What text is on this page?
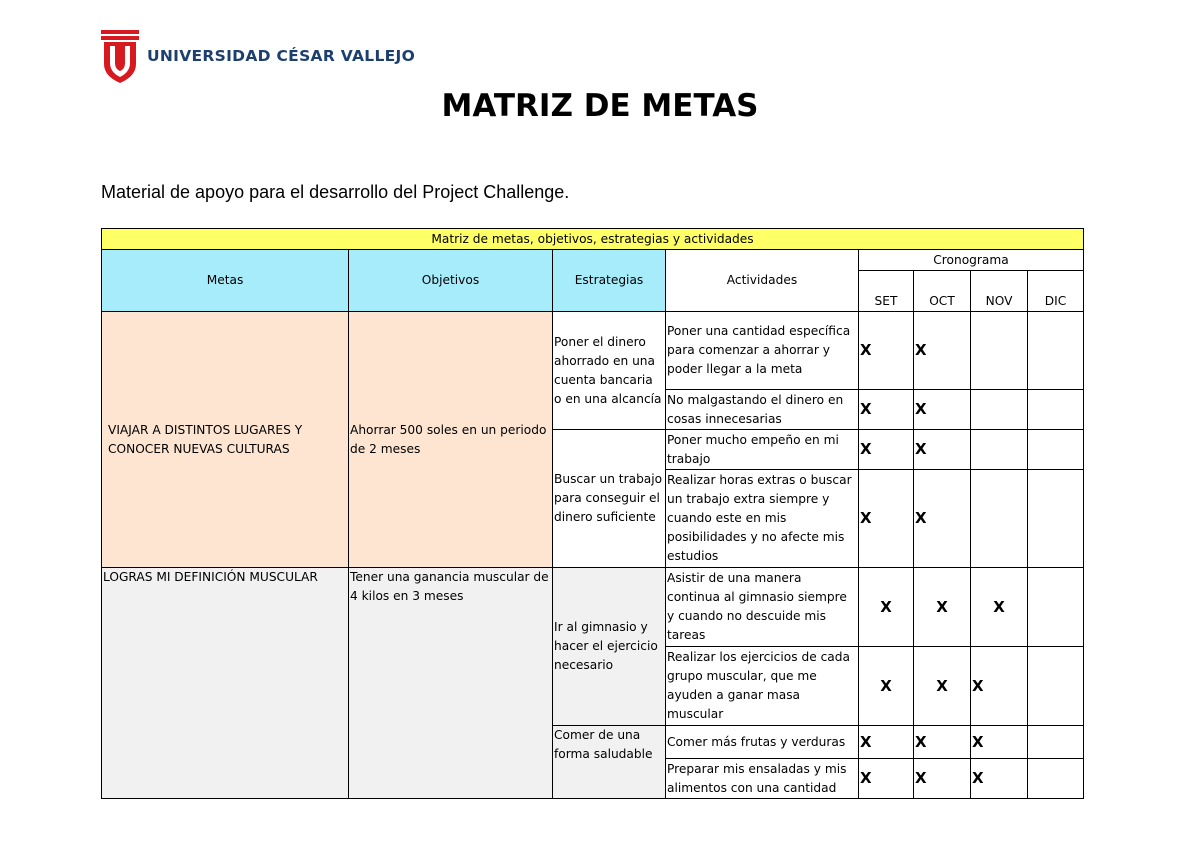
UNIVERSIDAD CÉSAR VALLEJO
MATRIZ DE METAS
Material de apoyo para el desarrollo del Project Challenge.
Matriz de metas, objetivos, estrategias y actividades							
Metas	Objetivos	Estrategias	Actividades	Cronograma			
				SET	OCT	NOV	DIC
VIAJAR A DISTINTOS LUGARES Y CONOCER NUEVAS CULTURAS	Ahorrar 500 soles en un periodo de 2 meses	Poner el dinero ahorrado en una cuenta bancaria o en una alcancía	Poner una cantidad específica para comenzar a ahorrar y poder llegar a la meta	X	X		
			No malgastando el dinero en cosas innecesarias	X	X		
		Buscar un trabajo para conseguir el dinero suficiente	Poner mucho empeño en mi trabajo	X	X		
			Realizar horas extras o buscar un trabajo extra siempre y cuando este en mis posibilidades y no afecte mis estudios	X	X		
LOGRAS MI DEFINICIÓN MUSCULAR	Tener una ganancia muscular de 4 kilos en 3 meses	Ir al gimnasio y hacer el ejercicio necesario	Asistir de una manera continua al gimnasio siempre y cuando no descuide mis tareas	X	X	X	
			Realizar los ejercicios de cada grupo muscular, que me ayuden a ganar masa muscular	X	X	X	
		Comer de una forma saludable	Comer más frutas y verduras	X	X	X	
			Preparar mis ensaladas y mis alimentos con una cantidad	X	X	X	
